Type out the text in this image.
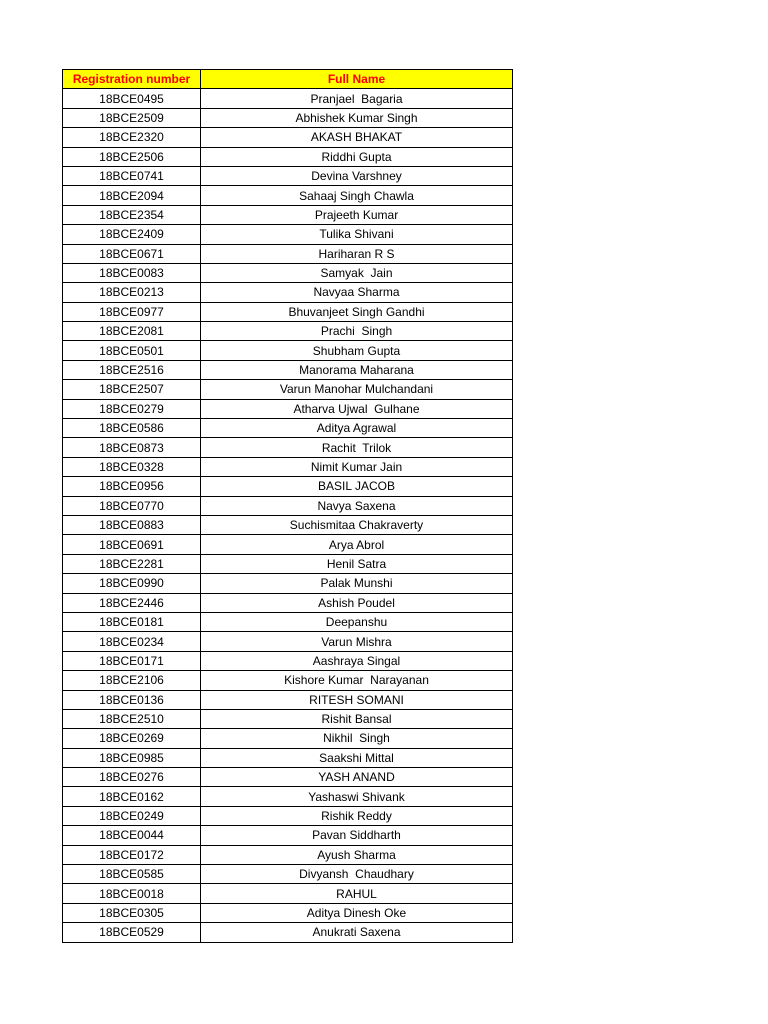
Registration number	Full Name
18BCE0495	Pranjael  Bagaria
18BCE2509	Abhishek Kumar Singh
18BCE2320	AKASH BHAKAT
18BCE2506	Riddhi Gupta
18BCE0741	Devina Varshney
18BCE2094	Sahaaj Singh Chawla
18BCE2354	Prajeeth Kumar
18BCE2409	Tulika Shivani
18BCE0671	Hariharan R S
18BCE0083	Samyak  Jain
18BCE0213	Navyaa Sharma
18BCE0977	Bhuvanjeet Singh Gandhi
18BCE2081	Prachi  Singh
18BCE0501	Shubham Gupta
18BCE2516	Manorama Maharana
18BCE2507	Varun Manohar Mulchandani
18BCE0279	Atharva Ujwal  Gulhane
18BCE0586	Aditya Agrawal
18BCE0873	Rachit  Trilok
18BCE0328	Nimit Kumar Jain
18BCE0956	BASIL JACOB
18BCE0770	Navya Saxena
18BCE0883	Suchismitaa Chakraverty
18BCE0691	Arya Abrol
18BCE2281	Henil Satra
18BCE0990	Palak Munshi
18BCE2446	Ashish Poudel
18BCE0181	Deepanshu
18BCE0234	Varun Mishra
18BCE0171	Aashraya Singal
18BCE2106	Kishore Kumar  Narayanan
18BCE0136	RITESH SOMANI
18BCE2510	Rishit Bansal
18BCE0269	Nikhil  Singh
18BCE0985	Saakshi Mittal
18BCE0276	YASH ANAND
18BCE0162	Yashaswi Shivank
18BCE0249	Rishik Reddy
18BCE0044	Pavan Siddharth
18BCE0172	Ayush Sharma
18BCE0585	Divyansh  Chaudhary
18BCE0018	RAHUL
18BCE0305	Aditya Dinesh Oke
18BCE0529	Anukrati Saxena
